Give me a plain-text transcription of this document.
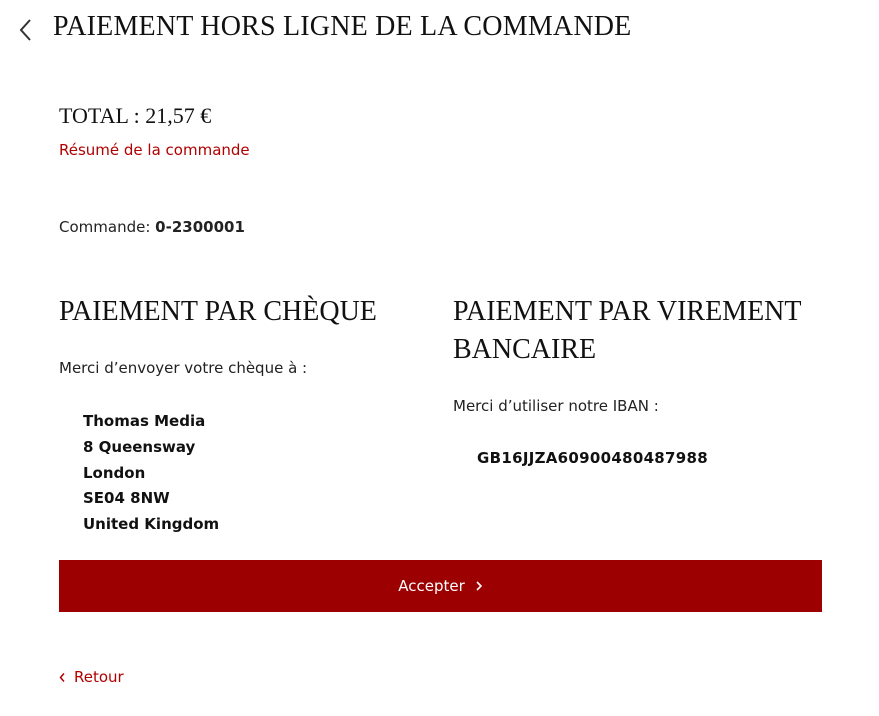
PAIEMENT HORS LIGNE DE LA COMMANDE
TOTAL : 21,57 €
Résumé de la commande
Commande: 0-2300001
PAIEMENT PAR CHÈQUE

Merci d’envoyer votre chèque à :

Thomas Media
8 Queensway
London
SE04 8NW
United Kingdom
PAIEMENT PAR VIREMENT BANCAIRE

Merci d’utiliser notre IBAN :

GB16JJZA60900480487988
Accepter
Retour
